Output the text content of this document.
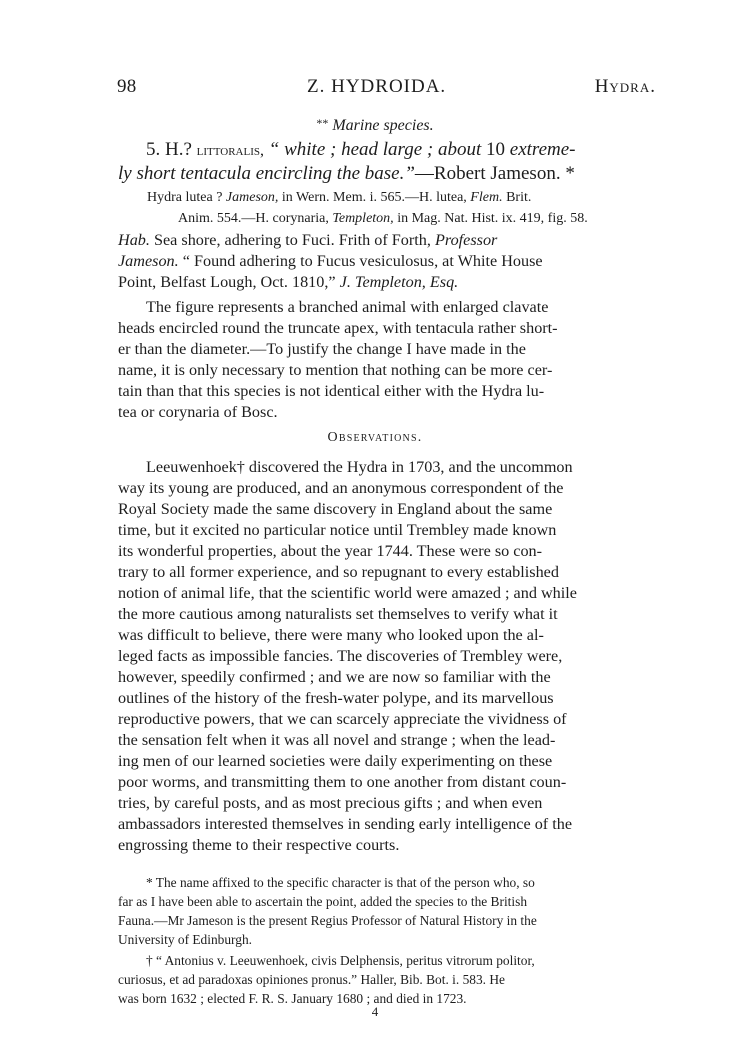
98	Z. HYDROIDA.	Hydra.
** Marine species.
5. H.? littoralis, “ white ; head large ; about 10 extreme-
ly short tentacula encircling the base.”—Robert Jameson. *
Hydra lutea ? Jameson, in Wern. Mem. i. 565.—H. lutea, Flem. Brit.
Anim. 554.—H. corynaria, Templeton, in Mag. Nat. Hist. ix. 419, fig. 58.
Hab. Sea shore, adhering to Fuci. Frith of Forth, Professor
Jameson. “ Found adhering to Fucus vesiculosus, at White House
Point, Belfast Lough, Oct. 1810,” J. Templeton, Esq.
The figure represents a branched animal with enlarged clavate
heads encircled round the truncate apex, with tentacula rather short-
er than the diameter.—To justify the change I have made in the
name, it is only necessary to mention that nothing can be more cer-
tain than that this species is not identical either with the Hydra lu-
tea or corynaria of Bosc.
Observations.
Leeuwenhoek† discovered the Hydra in 1703, and the uncommon
way its young are produced, and an anonymous correspondent of the
Royal Society made the same discovery in England about the same
time, but it excited no particular notice until Trembley made known
its wonderful properties, about the year 1744. These were so con-
trary to all former experience, and so repugnant to every established
notion of animal life, that the scientific world were amazed ; and while
the more cautious among naturalists set themselves to verify what it
was difficult to believe, there were many who looked upon the al-
leged facts as impossible fancies. The discoveries of Trembley were,
however, speedily confirmed ; and we are now so familiar with the
outlines of the history of the fresh-water polype, and its marvellous
reproductive powers, that we can scarcely appreciate the vividness of
the sensation felt when it was all novel and strange ; when the lead-
ing men of our learned societies were daily experimenting on these
poor worms, and transmitting them to one another from distant coun-
tries, by careful posts, and as most precious gifts ; and when even
ambassadors interested themselves in sending early intelligence of the
engrossing theme to their respective courts.
* The name affixed to the specific character is that of the person who, so
far as I have been able to ascertain the point, added the species to the British
Fauna.—Mr Jameson is the present Regius Professor of Natural History in the
University of Edinburgh.
† “ Antonius v. Leeuwenhoek, civis Delphensis, peritus vitrorum politor,
curiosus, et ad paradoxas opiniones pronus.” Haller, Bib. Bot. i. 583. He
was born 1632 ; elected F. R. S. January 1680 ; and died in 1723.
4
